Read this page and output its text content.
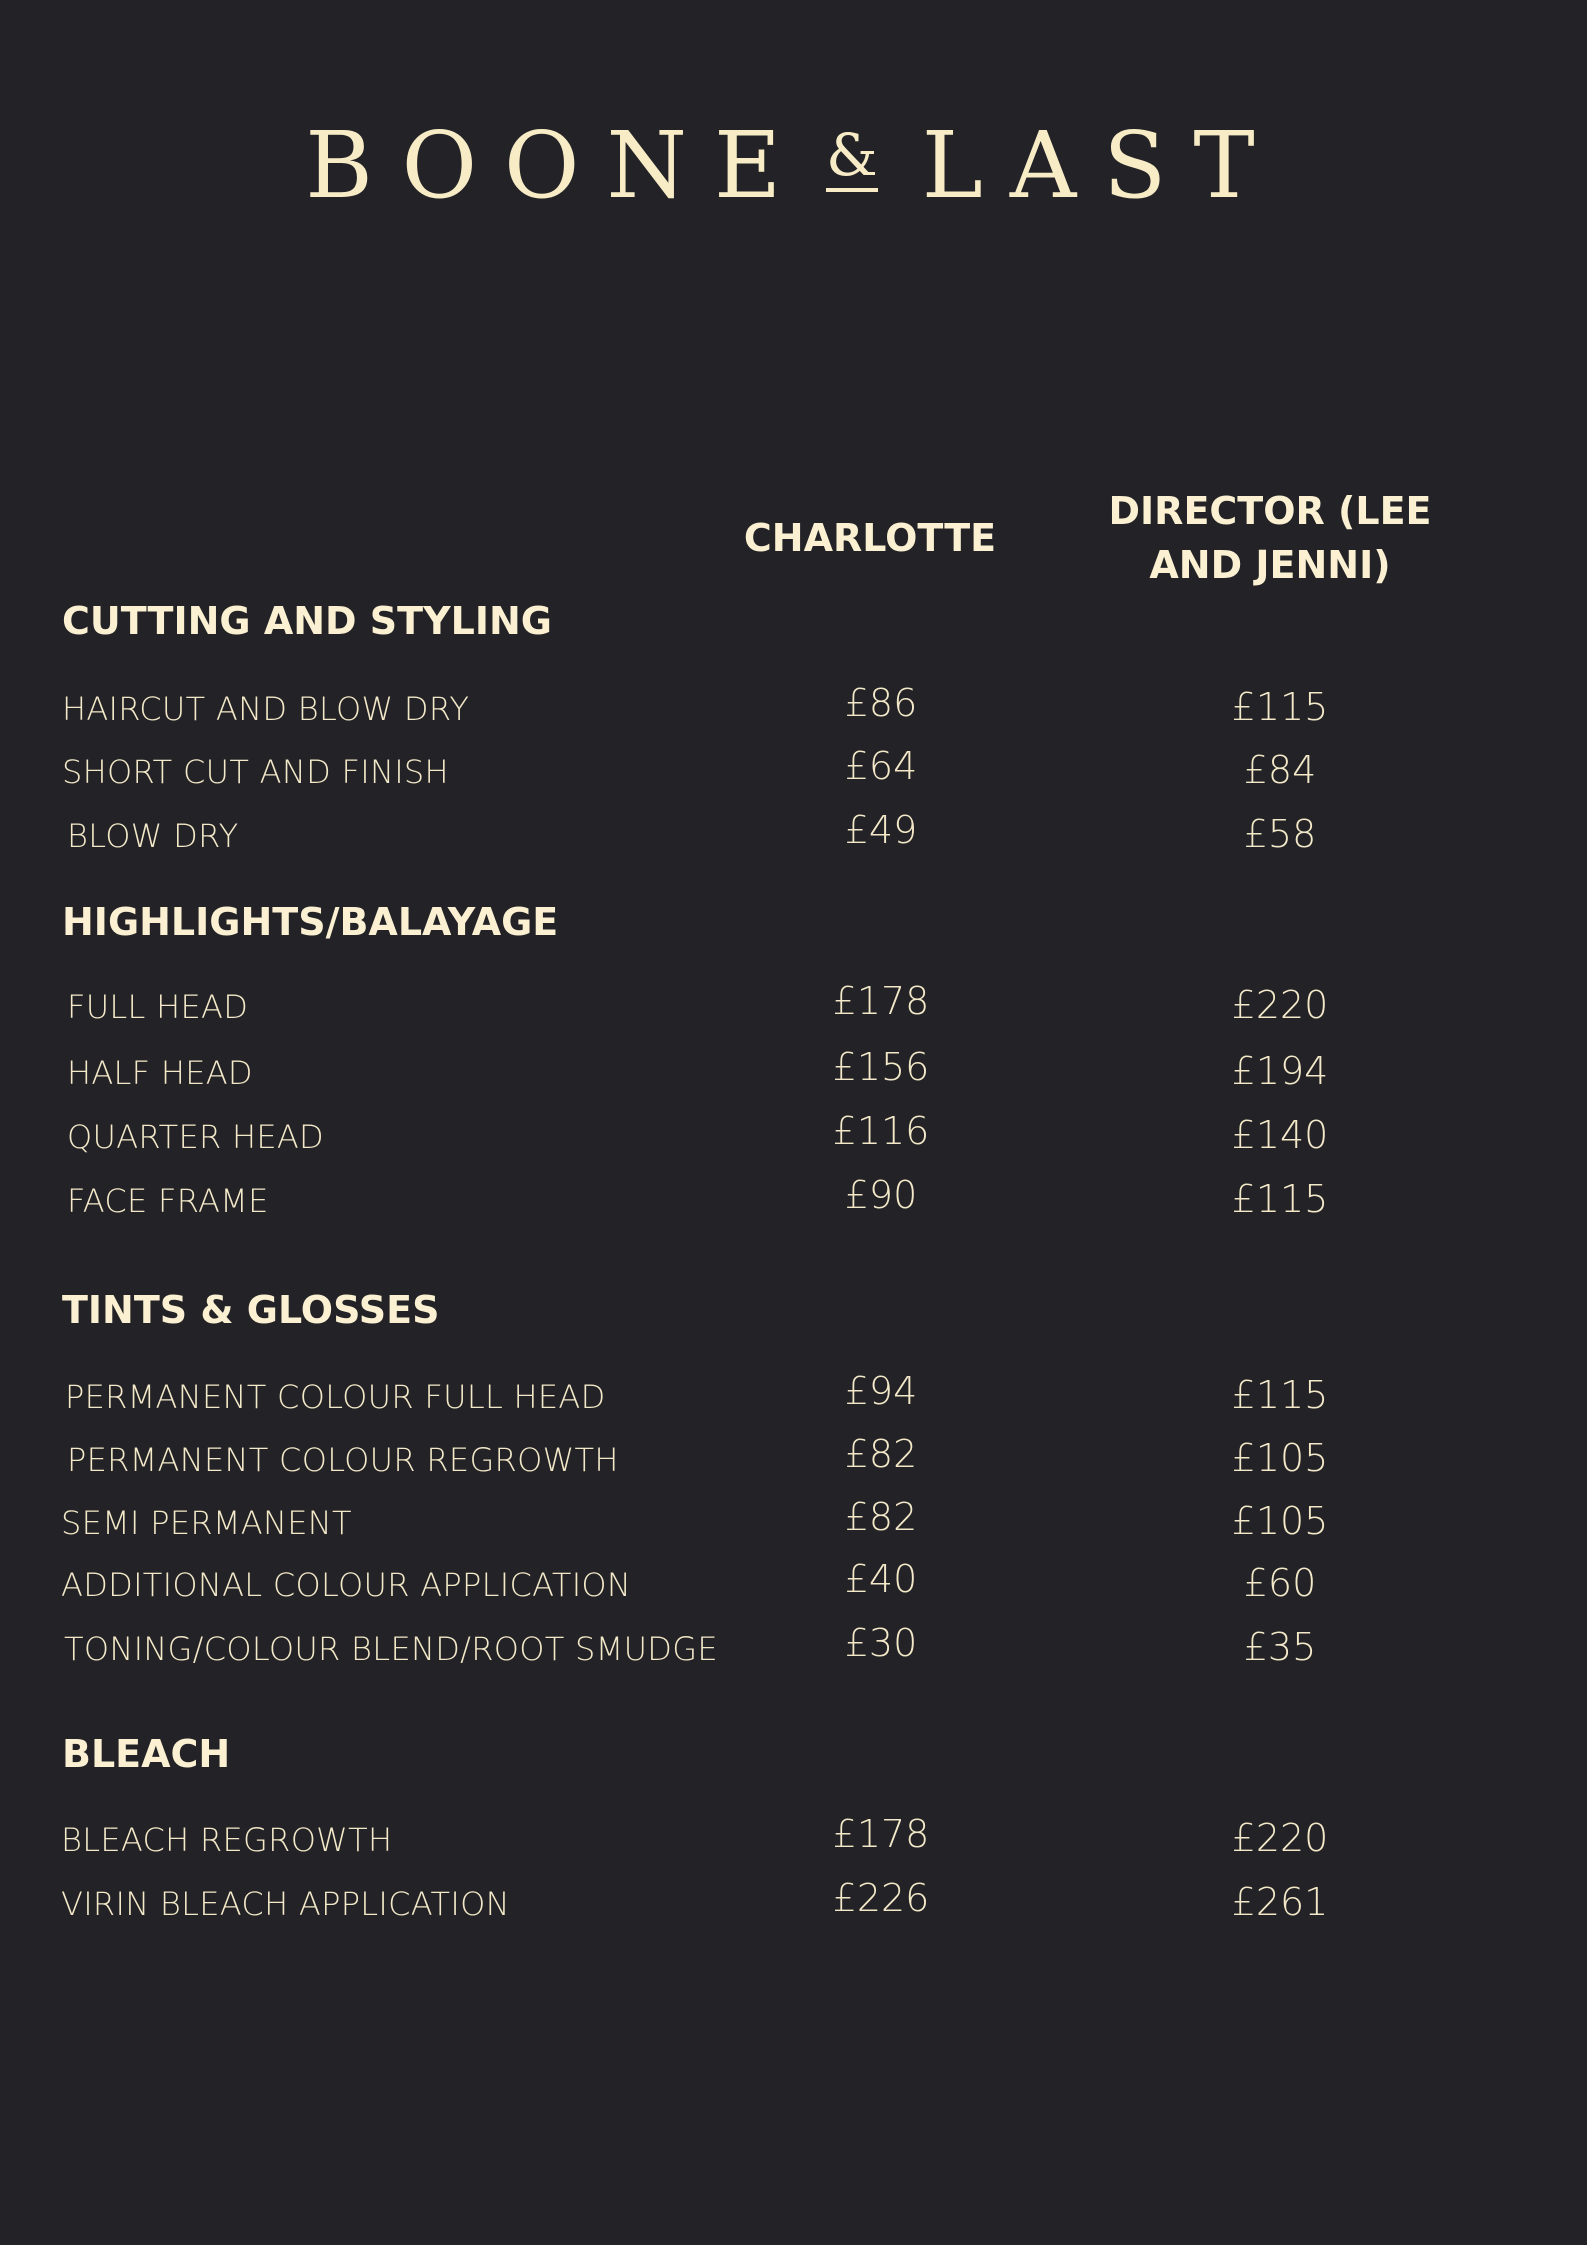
BOONE & LAST
CHARLOTTE
DIRECTOR (LEE
AND JENNI)
CUTTING AND STYLING
HAIRCUT AND BLOW DRY	£86	£115
SHORT CUT AND FINISH	£64	£84
BLOW DRY	£49	£58
HIGHLIGHTS/BALAYAGE
FULL HEAD	£178	£220
HALF HEAD	£156	£194
QUARTER HEAD	£116	£140
FACE FRAME	£90	£115
TINTS & GLOSSES
PERMANENT COLOUR FULL HEAD	£94	£115
PERMANENT COLOUR REGROWTH	£82	£105
SEMI PERMANENT	£82	£105
ADDITIONAL COLOUR APPLICATION	£40	£60
TONING/COLOUR BLEND/ROOT SMUDGE	£30	£35
BLEACH
BLEACH REGROWTH	£178	£220
VIRIN BLEACH APPLICATION	£226	£261
